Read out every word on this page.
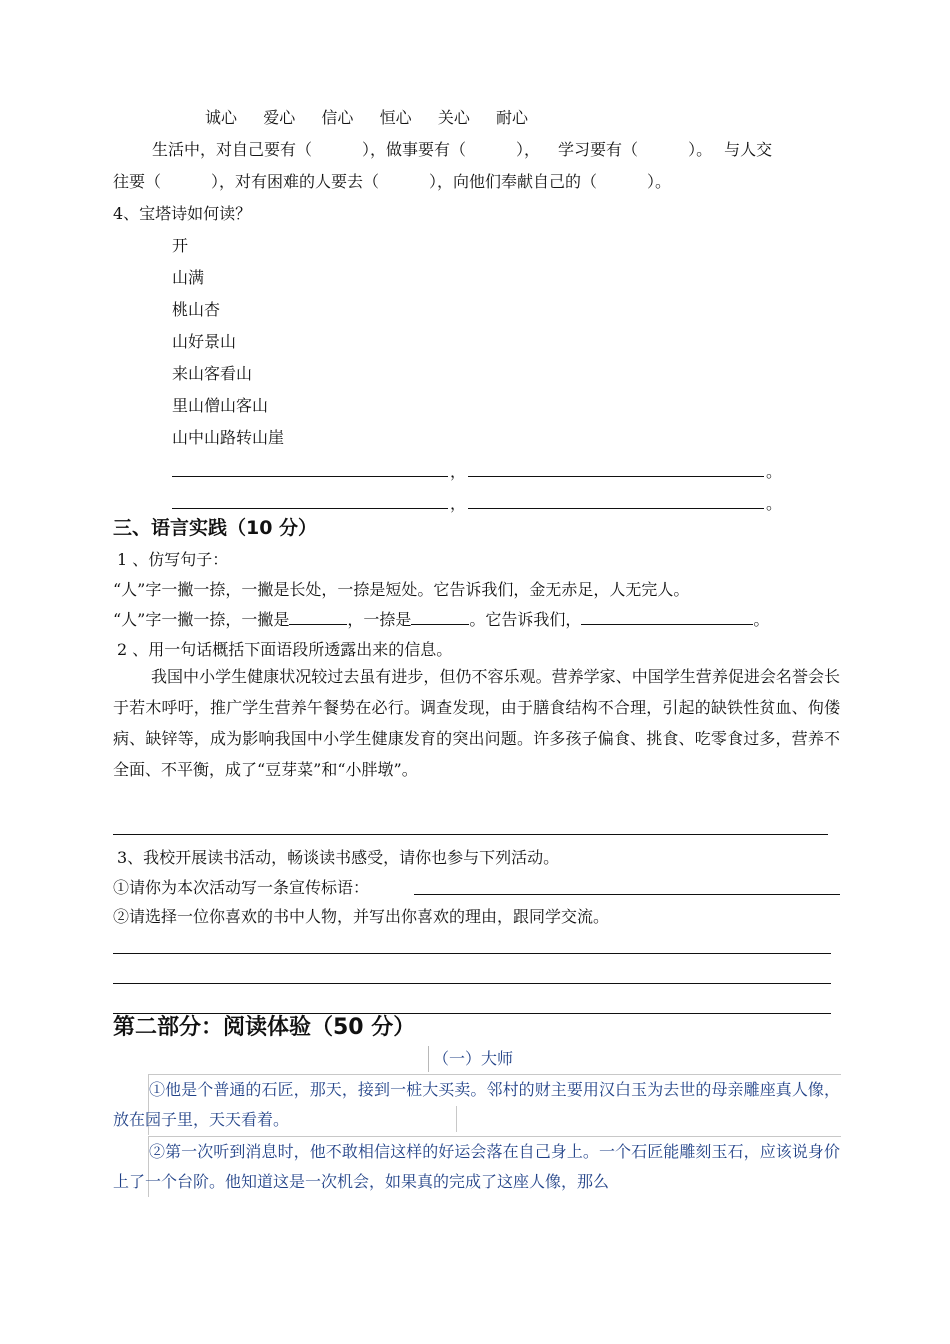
诚心 爱心 信心 恒心 关心 耐心
生活中，对自己要有（	），做事要有（	）， 学习要有（	）。 与人交
往要（	），对有困难的人要去（	），向他们奉献自己的（	）。
4、宝塔诗如何读？
开
山满
桃山杏
山好景山
来山客看山
里山僧山客山
山中山路转山崖
，	。
，	。
三、语言实践（10 分）
1 、仿写句子：
“人”字一撇一捺，一撇是长处，一捺是短处。它告诉我们，金无赤足，人无完人。
“人”字一撇一捺，一撇是	，一捺是	。它告诉我们，	。
2 、用一句话概括下面语段所透露出来的信息。
我国中小学生健康状况较过去虽有进步，但仍不容乐观。营养学家、中国学生营养促进会名誉会长于若木呼吁，推广学生营养午餐势在必行。调查发现，由于膳食结构不合理，引起的缺铁性贫血、佝偻病、缺锌等，成为影响我国中小学生健康发育的突出问题。许多孩子偏食、挑食、吃零食过多，营养不全面、不平衡，成了“豆芽菜”和“小胖墩”。
3、我校开展读书活动，畅谈读书感受，请你也参与下列活动。
①请你为本次活动写一条宣传标语：
②请选择一位你喜欢的书中人物，并写出你喜欢的理由，跟同学交流。
第二部分：阅读体验（50 分）
（一）大师
①他是个普通的石匠，那天，接到一桩大买卖。邻村的财主要用汉白玉为去世的母亲雕座真人像，放在园子里，天天看着。
②第一次听到消息时，他不敢相信这样的好运会落在自己身上。一个石匠能雕刻玉石，应该说身价上了一个台阶。他知道这是一次机会，如果真的完成了这座人像，那么
